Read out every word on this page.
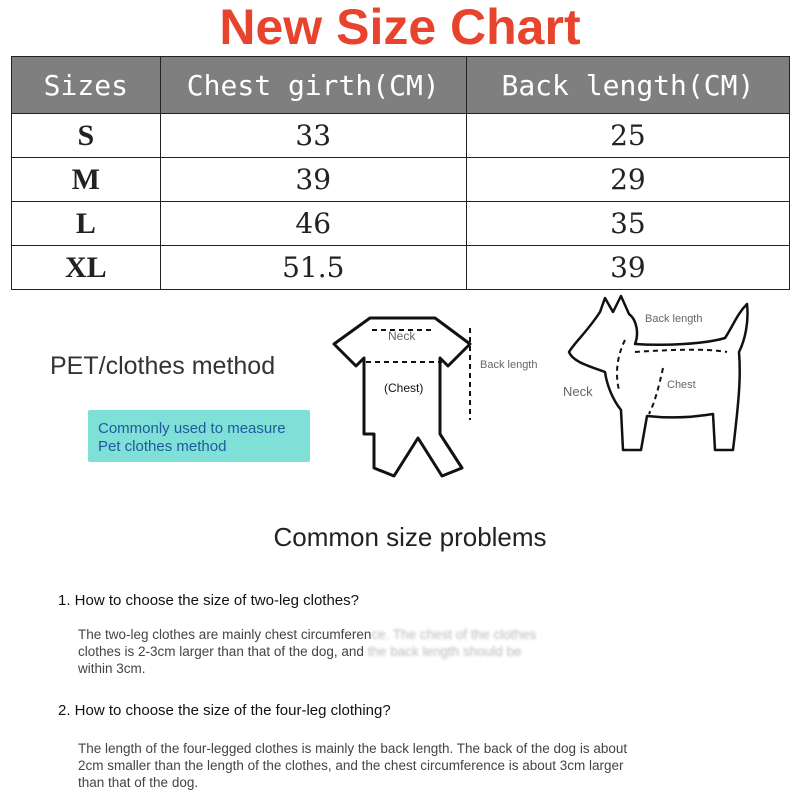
New Size Chart
Sizes	Chest girth(CM)	Back length(CM)
S	33	25
M	39	29
L	46	35
XL	51.5	39
PET/clothes method
Commonly used to measure
Pet clothes method
Neck
(Chest)
Back length
Back length
Neck	Chest
Common size problems
1. How to choose the size of two-leg clothes?
The two-leg clothes are mainly chest circumference. The chest of the clothes
clothes is 2-3cm larger than that of the dog, and the back length should be
within 3cm.
2. How to choose the size of the four-leg clothing?
The length of the four-legged clothes is mainly the back length. The back of the dog is about
2cm smaller than the length of the clothes, and the chest circumference is about 3cm larger
than that of the dog.
